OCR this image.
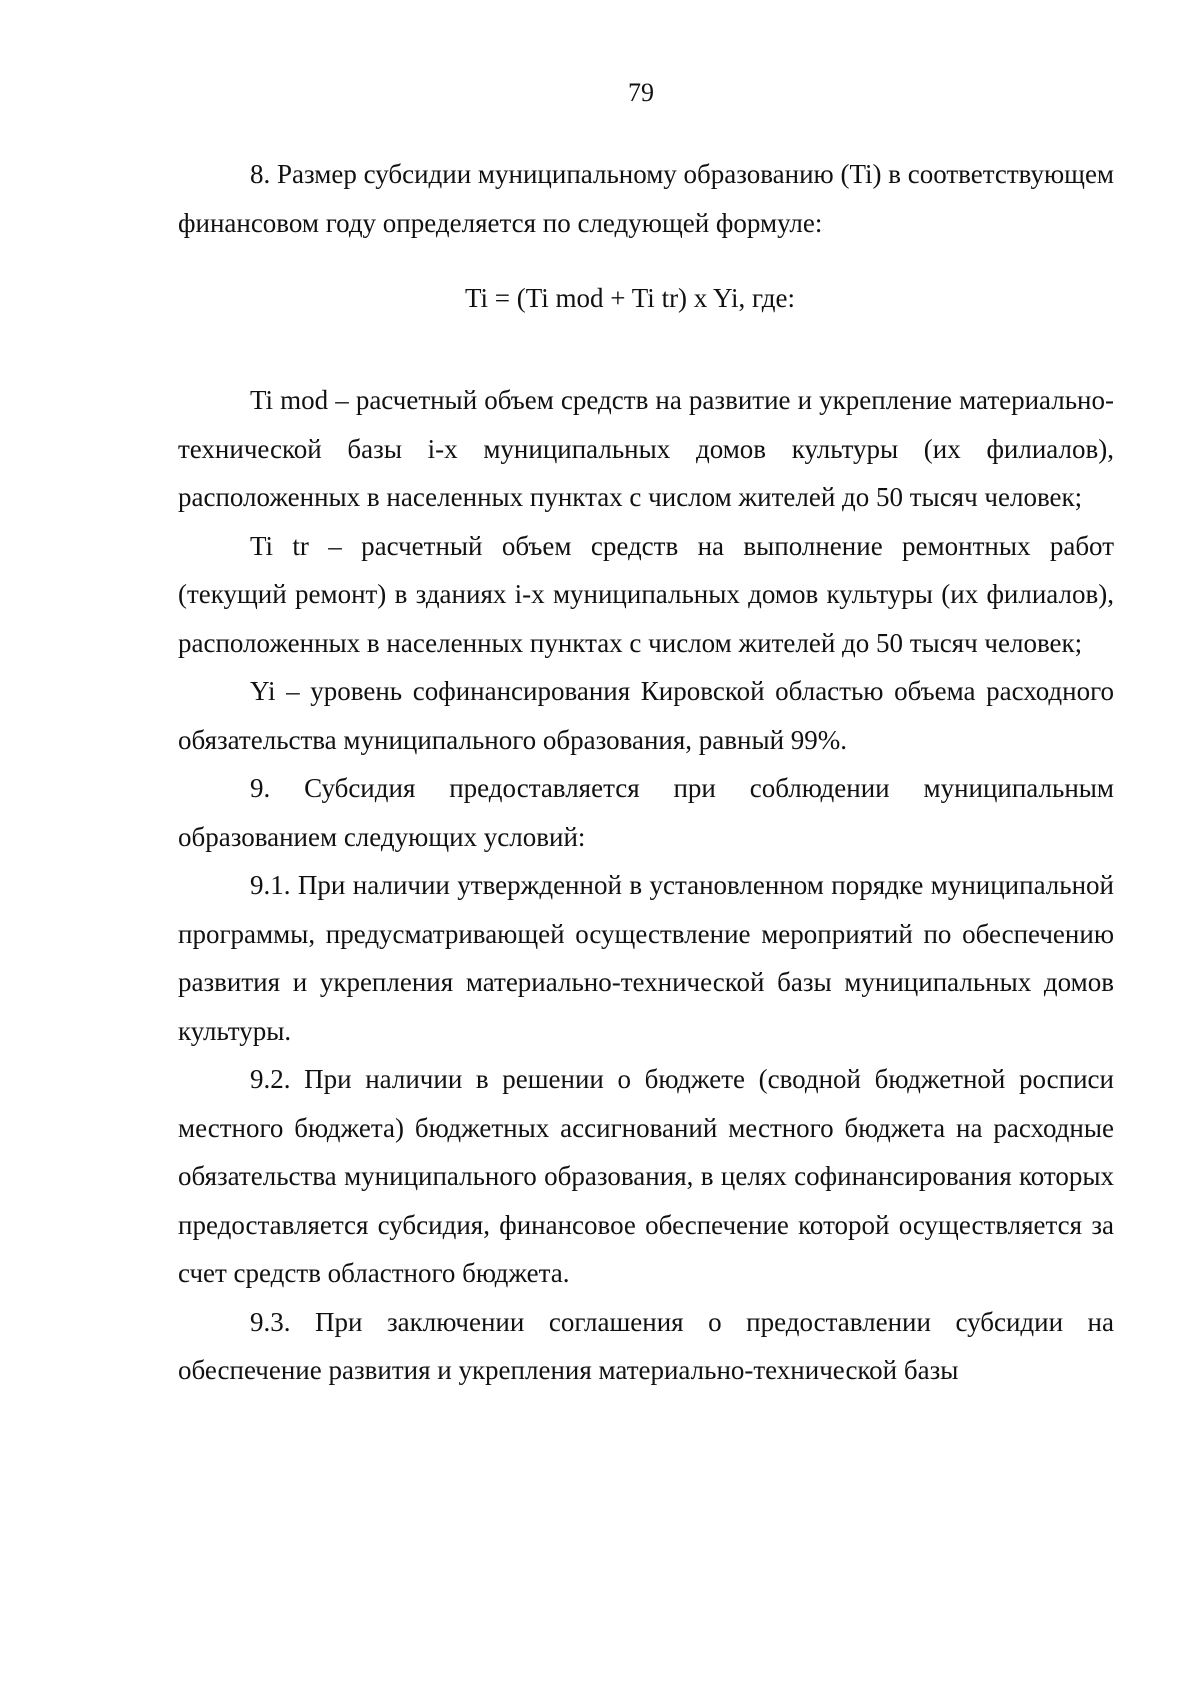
79

8. Размер субсидии муниципальному образованию (Ti) в соответствующем финансовом году определяется по следующей формуле:

Ti = (Ti mod + Ti tr) x Yi, где:

Ti mod – расчетный объем средств на развитие и укрепление материально-технической базы i-х муниципальных домов культуры (их филиалов), расположенных в населенных пунктах с числом жителей до 50 тысяч человек;

Ti tr – расчетный объем средств на выполнение ремонтных работ (текущий ремонт) в зданиях i-х муниципальных домов культуры (их филиалов), расположенных в населенных пунктах с числом жителей до 50 тысяч человек;

Yi – уровень софинансирования Кировской областью объема расходного обязательства муниципального образования, равный 99%.

9. Субсидия предоставляется при соблюдении муниципальным образованием следующих условий:

9.1. При наличии утвержденной в установленном порядке муниципальной программы, предусматривающей осуществление мероприятий по обеспечению развития и укрепления материально-технической базы муниципальных домов культуры.

9.2. При наличии в решении о бюджете (сводной бюджетной росписи местного бюджета) бюджетных ассигнований местного бюджета на расходные обязательства муниципального образования, в целях софинансирования которых предоставляется субсидия, финансовое обеспечение которой осуществляется за счет средств областного бюджета.

9.3. При заключении соглашения о предоставлении субсидии на обеспечение развития и укрепления материально-технической базы
